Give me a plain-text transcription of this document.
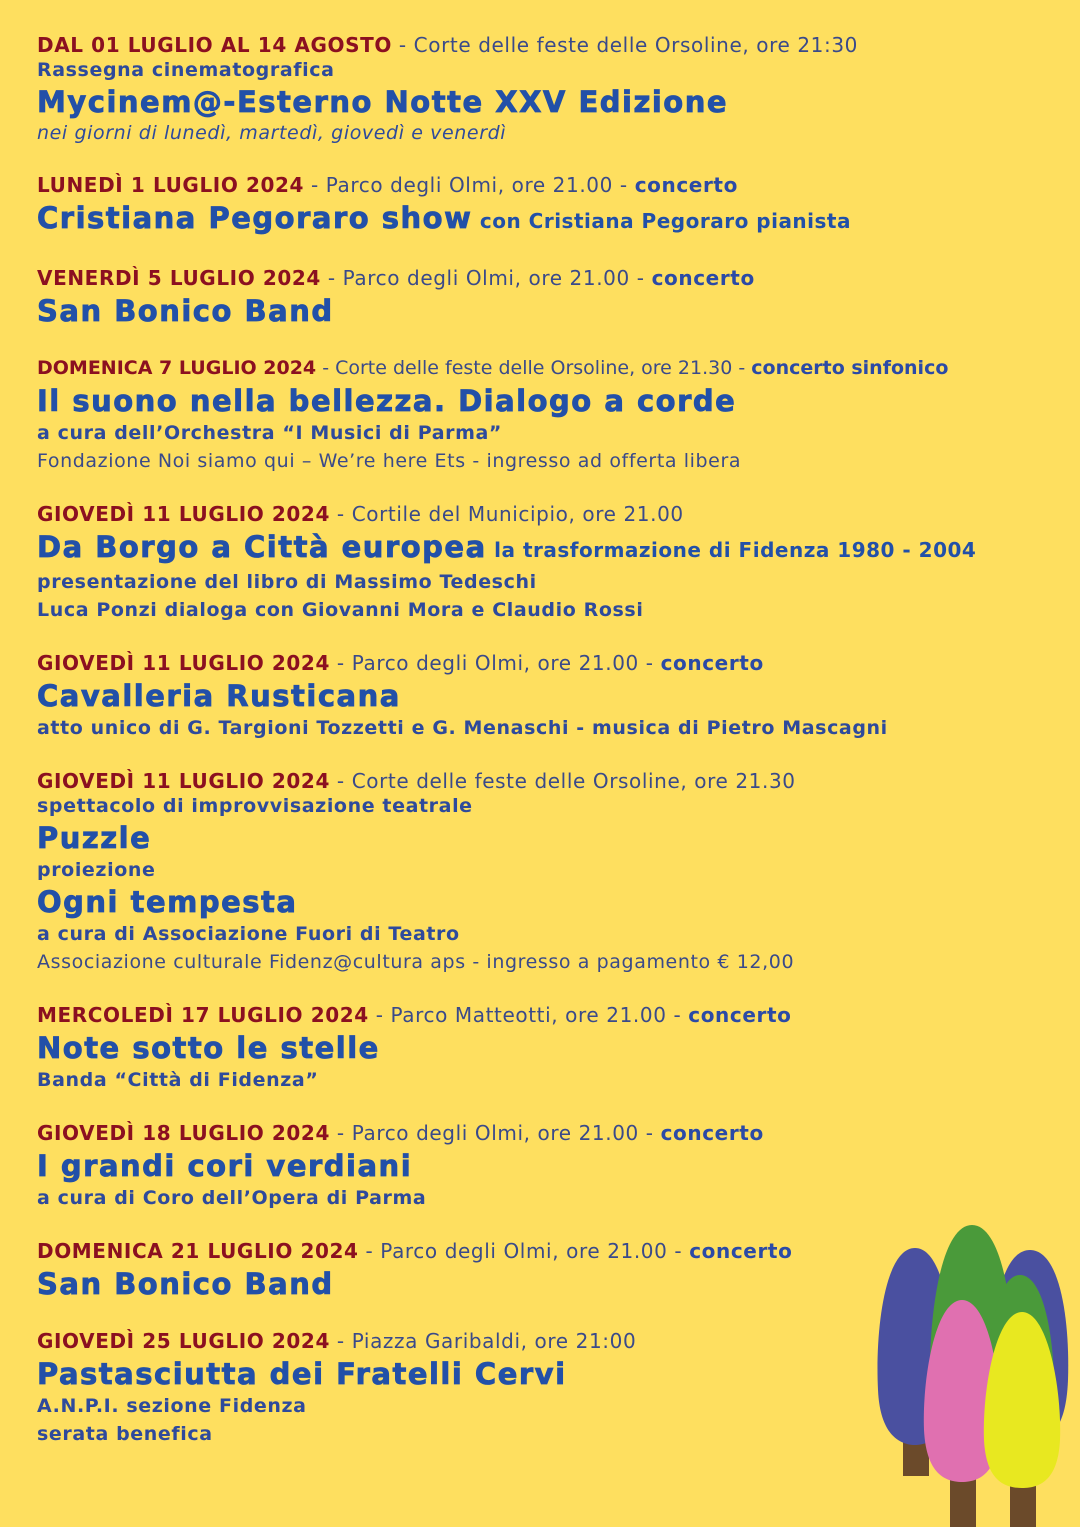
DAL 01 LUGLIO AL 14 AGOSTO - Corte delle feste delle Orsoline, ore 21:30
Rassegna cinematografica
Mycinem@-Esterno Notte XXV Edizione
nei giorni di lunedì, martedì, giovedì e venerdì
LUNEDÌ 1 LUGLIO 2024 - Parco degli Olmi, ore 21.00 - concerto
Cristiana Pegoraro show con Cristiana Pegoraro pianista
VENERDÌ 5 LUGLIO 2024 - Parco degli Olmi, ore 21.00 - concerto
San Bonico Band
DOMENICA 7 LUGLIO 2024 - Corte delle feste delle Orsoline, ore 21.30 - concerto sinfonico
Il suono nella bellezza. Dialogo a corde
a cura dell’Orchestra “I Musici di Parma”
Fondazione Noi siamo qui – We’re here Ets - ingresso ad offerta libera
GIOVEDÌ 11 LUGLIO 2024 - Cortile del Municipio, ore 21.00
Da Borgo a Città europea la trasformazione di Fidenza 1980 - 2004
presentazione del libro di Massimo Tedeschi
Luca Ponzi dialoga con Giovanni Mora e Claudio Rossi
GIOVEDÌ 11 LUGLIO 2024 - Parco degli Olmi, ore 21.00 - concerto
Cavalleria Rusticana
atto unico di G. Targioni Tozzetti e G. Menaschi - musica di Pietro Mascagni
GIOVEDÌ 11 LUGLIO 2024 - Corte delle feste delle Orsoline, ore 21.30
spettacolo di improvvisazione teatrale
Puzzle
proiezione
Ogni tempesta
a cura di Associazione Fuori di Teatro
Associazione culturale Fidenz@cultura aps - ingresso a pagamento € 12,00
MERCOLEDÌ 17 LUGLIO 2024 - Parco Matteotti, ore 21.00 - concerto
Note sotto le stelle
Banda “Città di Fidenza”
GIOVEDÌ 18 LUGLIO 2024 - Parco degli Olmi, ore 21.00 - concerto
I grandi cori verdiani
a cura di Coro dell’Opera di Parma
DOMENICA 21 LUGLIO 2024 - Parco degli Olmi, ore 21.00 - concerto
San Bonico Band
GIOVEDÌ 25 LUGLIO 2024 - Piazza Garibaldi, ore 21:00
Pastasciutta dei Fratelli Cervi
A.N.P.I. sezione Fidenza
serata benefica
